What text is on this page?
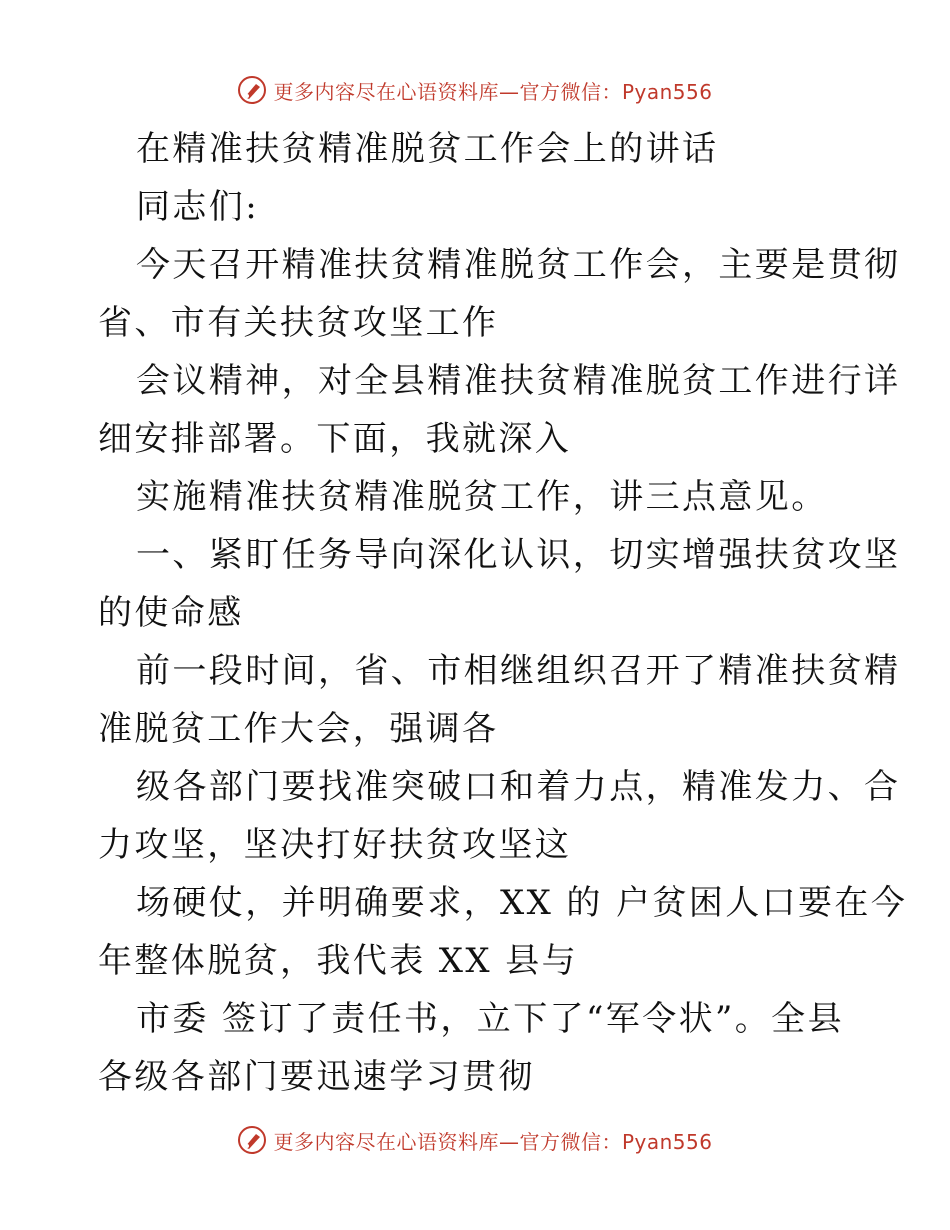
更多内容尽在心语资料库—官方微信：Pyan556
在精准扶贫精准脱贫工作会上的讲话
同志们:
今天召开精准扶贫精准脱贫工作会，主要是贯彻
省、市有关扶贫攻坚工作
会议精神，对全县精准扶贫精准脱贫工作进行详
细安排部署。下面，我就深入
实施精准扶贫精准脱贫工作，讲三点意见。
一、紧盯任务导向深化认识，切实增强扶贫攻坚
的使命感
前一段时间，省、市相继组织召开了精准扶贫精
准脱贫工作大会，强调各
级各部门要找准突破口和着力点，精准发力、合
力攻坚，坚决打好扶贫攻坚这
场硬仗，并明确要求，XX 的 户贫困人口要在今
年整体脱贫，我代表 XX 县与
市委 签订了责任书，立下了“军令状”。全县
各级各部门要迅速学习贯彻
更多内容尽在心语资料库—官方微信：Pyan556
